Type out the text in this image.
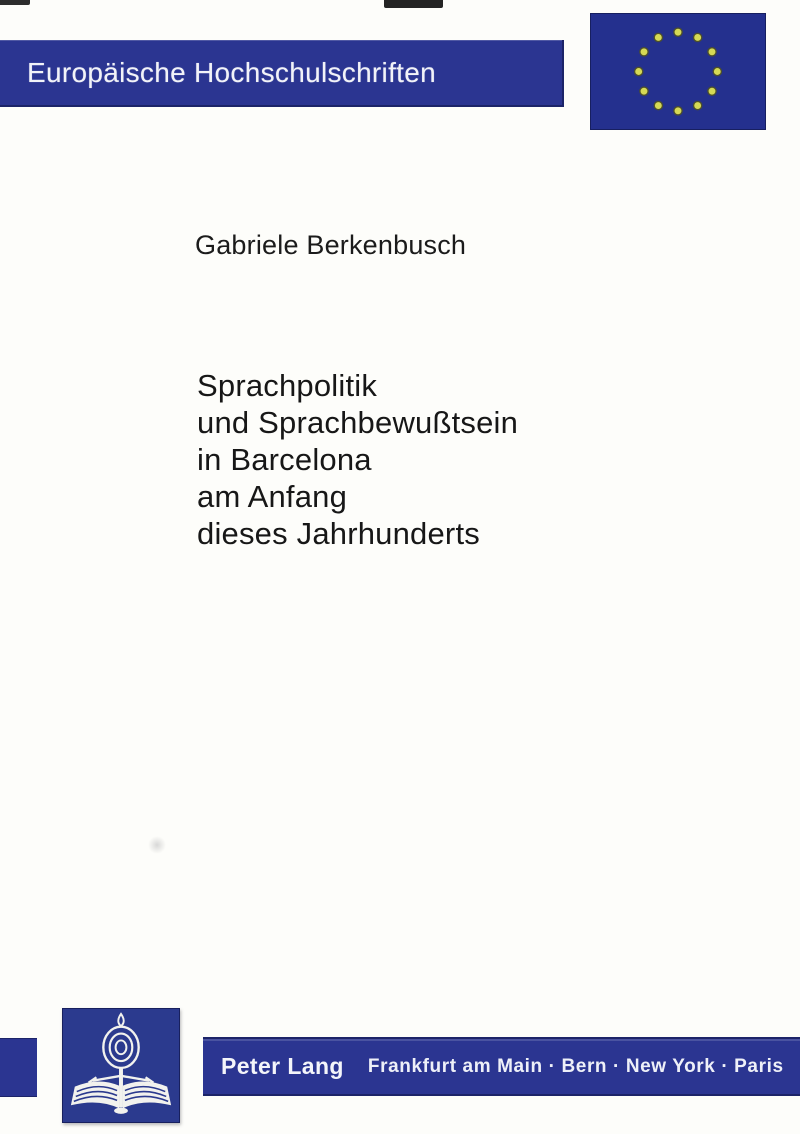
Europäische Hochschulschriften
Gabriele Berkenbusch
Sprachpolitik
und Sprachbewußtsein
in Barcelona
am Anfang
dieses Jahrhunderts
Peter Lang Frankfurt am Main · Bern · New York · Paris
